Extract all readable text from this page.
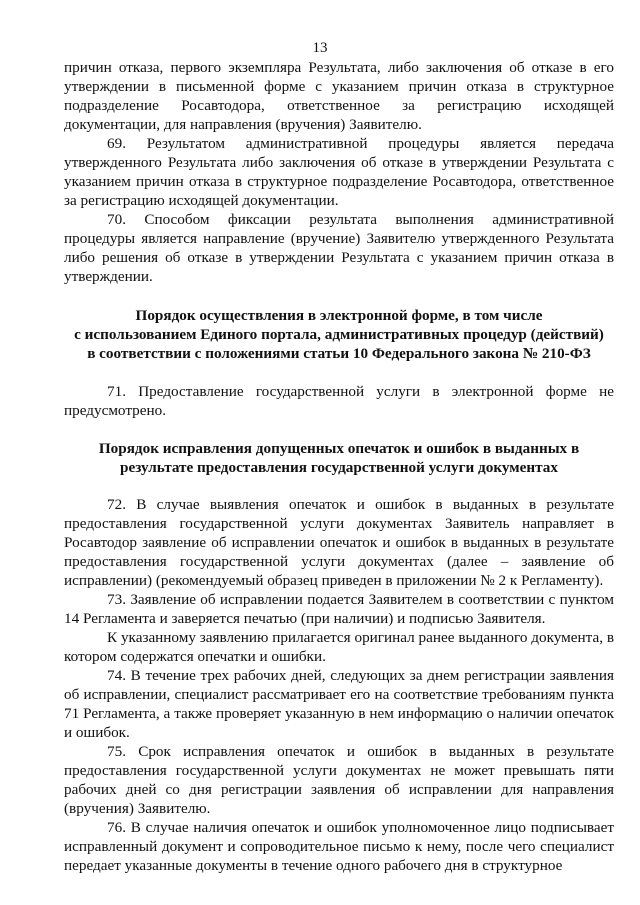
13

причин отказа, первого экземпляра Результата, либо заключения об отказе в его утверждении в письменной форме с указанием причин отказа в структурное подразделение Росавтодора, ответственное за регистрацию исходящей документации, для направления (вручения) Заявителю.

69. Результатом административной процедуры является передача утвержденного Результата либо заключения об отказе в утверждении Результата с указанием причин отказа в структурное подразделение Росавтодора, ответственное за регистрацию исходящей документации.

70. Способом фиксации результата выполнения административной процедуры является направление (вручение) Заявителю утвержденного Результата либо решения об отказе в утверждении Результата с указанием причин отказа в утверждении.

Порядок осуществления в электронной форме, в том числе
с использованием Единого портала, административных процедур (действий)
в соответствии с положениями статьи 10 Федерального закона № 210-ФЗ

71. Предоставление государственной услуги в электронной форме не предусмотрено.

Порядок исправления допущенных опечаток и ошибок в выданных в
результате предоставления государственной услуги документах

72. В случае выявления опечаток и ошибок в выданных в результате предоставления государственной услуги документах Заявитель направляет в Росавтодор заявление об исправлении опечаток и ошибок в выданных в результате предоставления государственной услуги документах (далее – заявление об исправлении) (рекомендуемый образец приведен в приложении № 2 к Регламенту).

73. Заявление об исправлении подается Заявителем в соответствии с пунктом 14 Регламента и заверяется печатью (при наличии) и подписью Заявителя.

К указанному заявлению прилагается оригинал ранее выданного документа, в котором содержатся опечатки и ошибки.

74. В течение трех рабочих дней, следующих за днем регистрации заявления об исправлении, специалист рассматривает его на соответствие требованиям пункта 71 Регламента, а также проверяет указанную в нем информацию о наличии опечаток и ошибок.

75. Срок исправления опечаток и ошибок в выданных в результате предоставления государственной услуги документах не может превышать пяти рабочих дней со дня регистрации заявления об исправлении для направления (вручения) Заявителю.

76. В случае наличия опечаток и ошибок уполномоченное лицо подписывает исправленный документ и сопроводительное письмо к нему, после чего специалист передает указанные документы в течение одного рабочего дня в структурное
